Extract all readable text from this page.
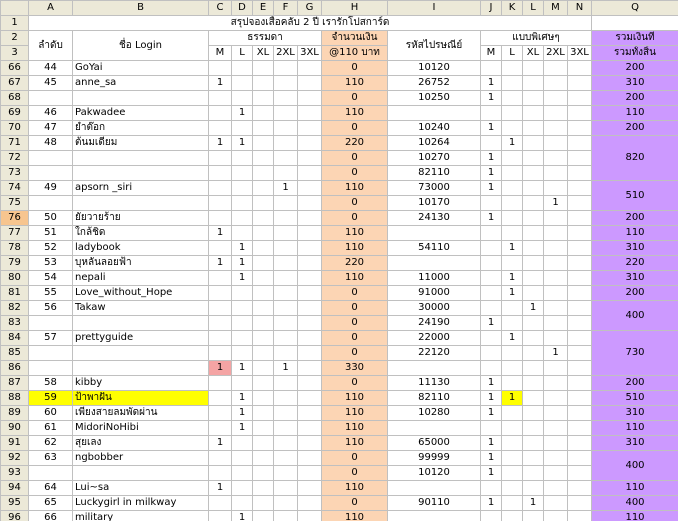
	A	B	C	D	E	F	G	H	I	J	K	L	M	N	Q
1	สรุปจองเสื้อคลับ 2 ปี เรารักโปสการ์ด														
2	ลำดับ	ชื่อ Login	ธรรมดา					จำนวนเงิน	รหัสไปรษณีย์	แบบพิเศษๆ					รวมเงินที่
3			M	L	XL	2XL	3XL	@110 บาท		M	L	XL	2XL	3XL	รวมทั้งสิ้น
66	44	GoYai						0	10120						200
67	45	anne_sa	1					110	26752	1					310
68								0	10250	1					200
69	46	Pakwadee		1				110							110
70	47	ยำต๊อก						0	10240	1					200
71	48	ต้นมเดียม	1	1				220	10264		1				820
72								0	10270	1					
73								0	82110	1					
74	49	apsorn _siri				1		110	73000	1					510
75								0	10170				1		
76	50	ยัยวายร้าย						0	24130	1					200
77	51	ใกล้ชิด	1					110							110
78	52	ladybook		1				110	54110		1				310
79	53	บุหลันลอยฟ้า	1	1				220							220
80	54	nepali		1				110	11000		1				310
81	55	Love_without_Hope						0	91000		1				200
82	56	Takaw						0	30000			1			400
83								0	24190	1					
84	57	prettyguide						0	22000		1				730
85								0	22120				1		
86			1	1		1		330							
87	58	kibby						0	11130	1					200
88	59	ป้าพาฝัน		1				110	82110	1	1				510
89	60	เพียงสายลมพัดผ่าน		1				110	10280	1					310
90	61	MidoriNoHibi		1				110							110
91	62	สุยเลง	1					110	65000	1					310
92	63	ngbobber						0	99999	1					400
93								0	10120	1					
94	64	Lui~sa	1					110							110
95	65	Luckygirl in milkway						0	90110	1		1			400
96	66	military		1				110							110
